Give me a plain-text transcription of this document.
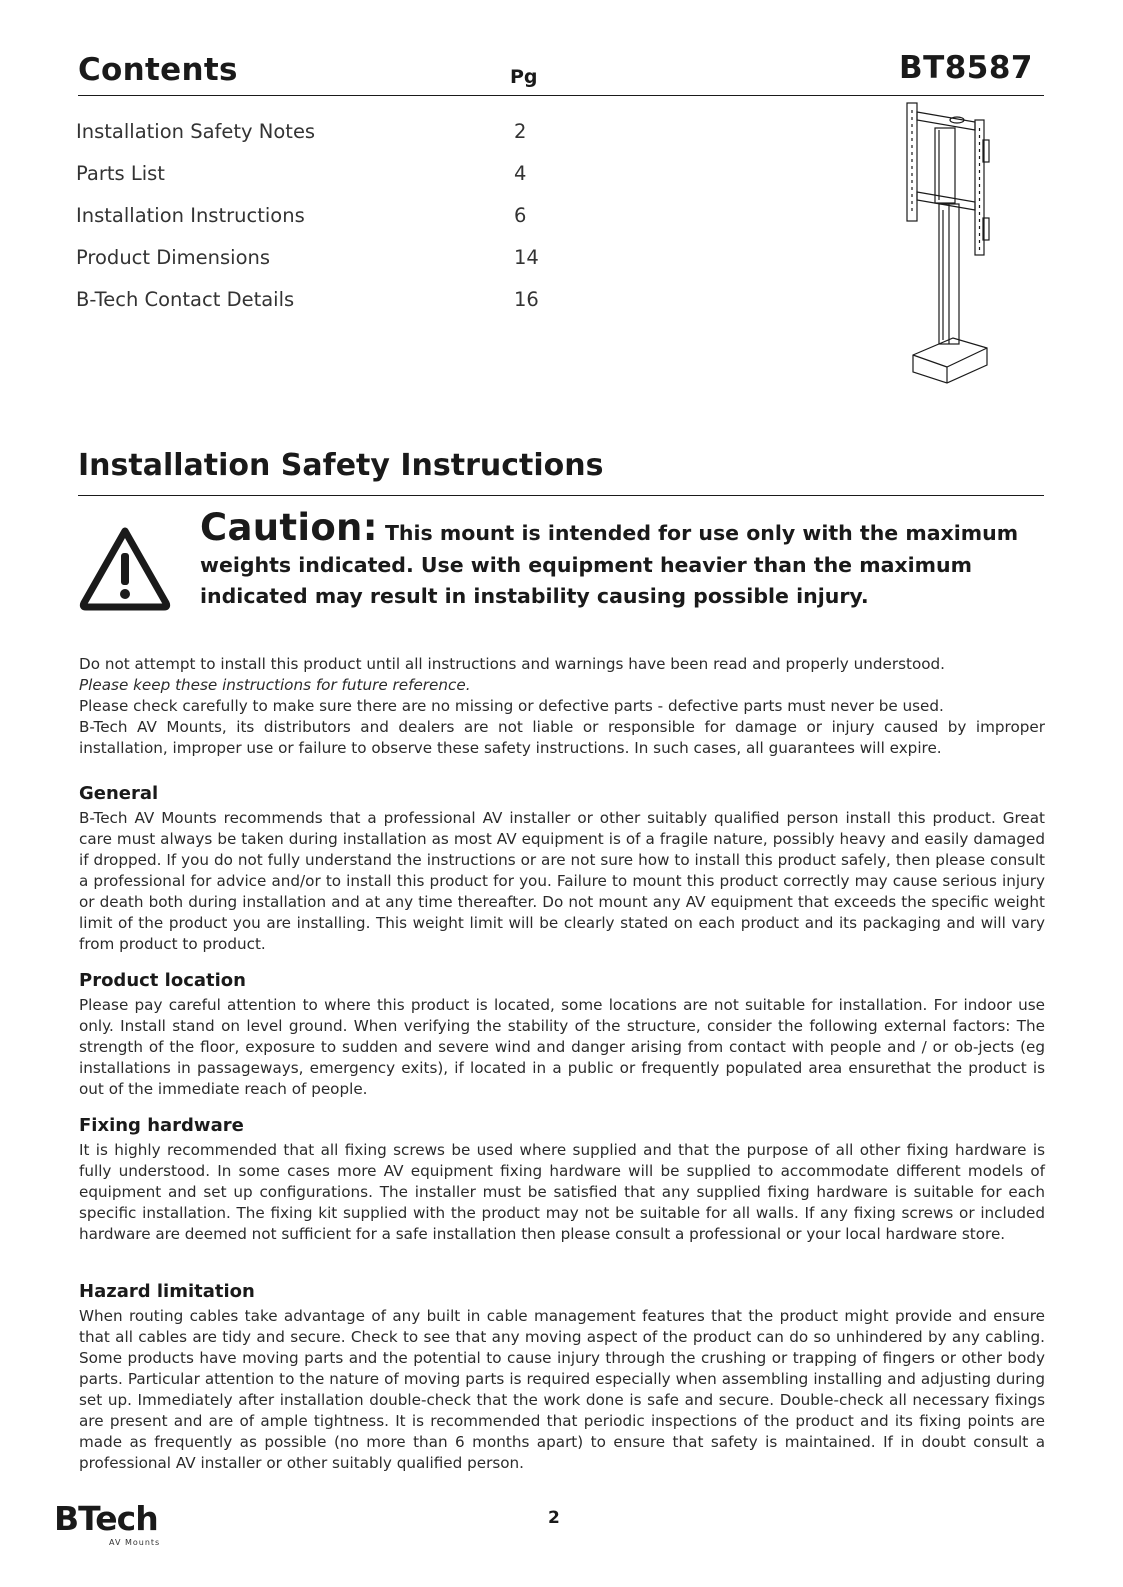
Contents	Pg	BT8587
Installation Safety Notes	2
Parts List	4
Installation Instructions	6
Product Dimensions	14
B-Tech Contact Details	16
Installation Safety Instructions
Caution: This mount is intended for use only with the maximum weights indicated. Use with equipment heavier than the maximum indicated may result in instability causing possible injury.

Do not attempt to install this product until all instructions and warnings have been read and properly understood.

Please keep these instructions for future reference.

Please check carefully to make sure there are no missing or defective parts - defective parts must never be used.

B-Tech AV Mounts, its distributors and dealers are not liable or responsible for damage or injury caused by improper installation, improper use or failure to observe these safety instructions. In such cases, all guarantees will expire.

General

B-Tech AV Mounts recommends that a professional AV installer or other suitably qualified person install this product. Great care must always be taken during installation as most AV equipment is of a fragile nature, possibly heavy and easily damaged if dropped. If you do not fully understand the instructions or are not sure how to install this product safely, then please consult a professional for advice and/or to install this product for you. Failure to mount this product correctly may cause serious injury or death both during installation and at any time thereafter. Do not mount any AV equipment that exceeds the specific weight limit of the product you are installing. This weight limit will be clearly stated on each product and its packaging and will vary from product to product.

Product location

Please pay careful attention to where this product is located, some locations are not suitable for installation. For indoor use only. Install stand on level ground. When verifying the stability of the structure, consider the following external factors: The strength of the floor, exposure to sudden and severe wind and danger arising from contact with people and / or ob-jects (eg installations in passageways, emergency exits), if located in a public or frequently populated area ensurethat the product is out of the immediate reach of people.

Fixing hardware

It is highly recommended that all fixing screws be used where supplied and that the purpose of all other fixing hardware is fully understood. In some cases more AV equipment fixing hardware will be supplied to accommodate different models of equipment and set up configurations. The installer must be satisfied that any supplied fixing hardware is suitable for each specific installation. The fixing kit supplied with the product may not be suitable for all walls. If any fixing screws or included hardware are deemed not sufficient for a safe installation then please consult a professional or your local hardware store.

Hazard limitation

When routing cables take advantage of any built in cable management features that the product might provide and ensure that all cables are tidy and secure. Check to see that any moving aspect of the product can do so unhindered by any cabling. Some products have moving parts and the potential to cause injury through the crushing or trapping of fingers or other body parts. Particular attention to the nature of moving parts is required especially when assembling installing and adjusting during set up. Immediately after installation double-check that the work done is safe and secure. Double-check all necessary fixings are present and are of ample tightness. It is recommended that periodic inspections of the product and its fixing points are made as frequently as possible (no more than 6 months apart) to ensure that safety is maintained. If in doubt consult a professional AV installer or other suitably qualified person.

BTech
AV Mounts
2
